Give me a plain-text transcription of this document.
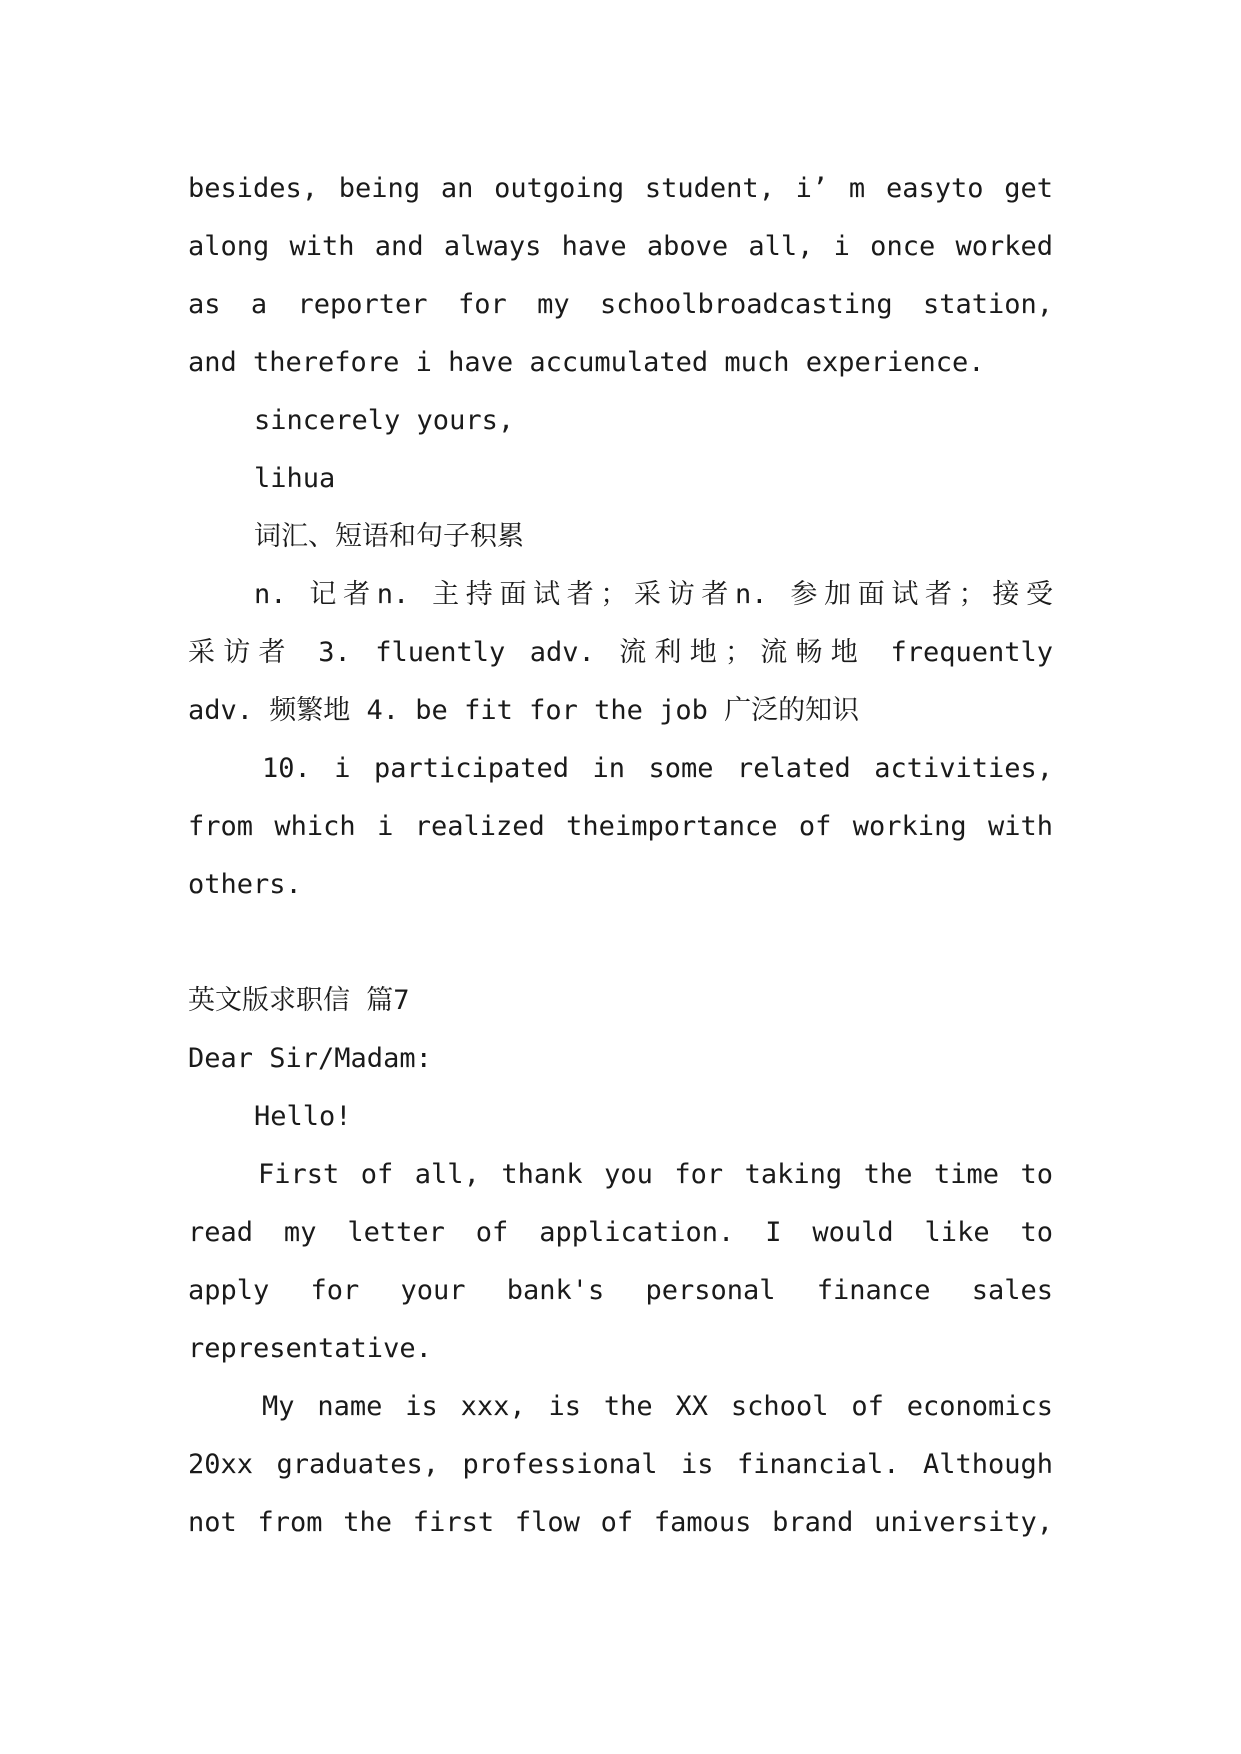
besides, being an outgoing student, i’ m easyto get
along with and always have above all, i once worked
as a reporter for my schoolbroadcasting station,
and therefore i have accumulated much experience.

sincerely yours,

lihua

词汇、短语和句子积累

n. 记者n. 主持面试者；采访者n. 参加面试者；接受
采访者 3. fluently adv. 流利地；流畅地 frequently
adv. 频繁地 4. be fit for the job 广泛的知识
10. i participated in some related activities,
from which i realized theimportance of working with
others.

英文版求职信 篇7

Dear Sir/Madam:

Hello!

First of all, thank you for taking the time to
read my letter of application. I would like to
apply for your bank's personal finance sales
representative.
My name is xxx, is the XX school of economics
20xx graduates, professional is financial. Although
not from the first flow of famous brand university,
